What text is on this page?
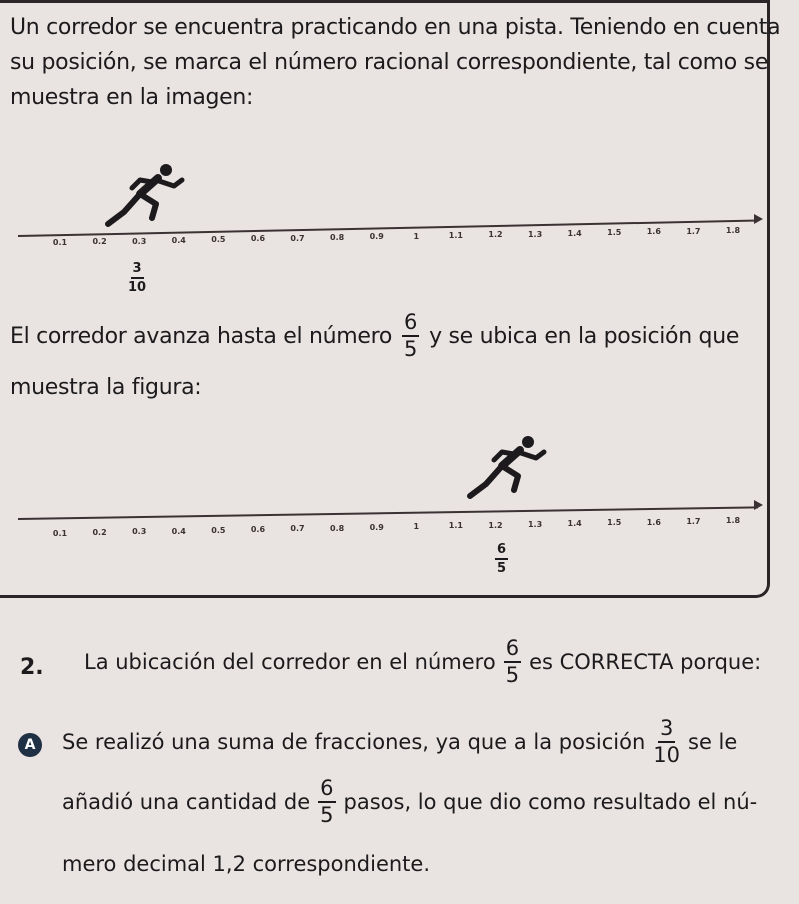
Un corredor se encuentra practicando en una pista. Teniendo en cuenta
su posición, se marca el número racional correspondiente, tal como se
muestra en la imagen:
0.1	0.2	0.3	0.4	0.5	0.6	0.7	0.8	0.9	1	1.1	1.2	1.3	1.4	1.5	1.6	1.7	1.8
$\frac{3}{10}$
El corredor avanza hasta el número $\frac{6}{5}$ y se ubica en la posición que
muestra la figura:
0.1	0.2	0.3	0.4	0.5	0.6	0.7	0.8	0.9	1	1.1	1.2	1.3	1.4	1.5	1.6	1.7	1.8
$\frac{6}{5}$
2. La ubicación del corredor en el número $\frac{6}{5}$ es CORRECTA porque:
A	Se realizó una suma de fracciones, ya que a la posición $\frac{3}{10}$ se le
añadió una cantidad de $\frac{6}{5}$ pasos, lo que dio como resultado el nú-
mero decimal 1,2 correspondiente.
